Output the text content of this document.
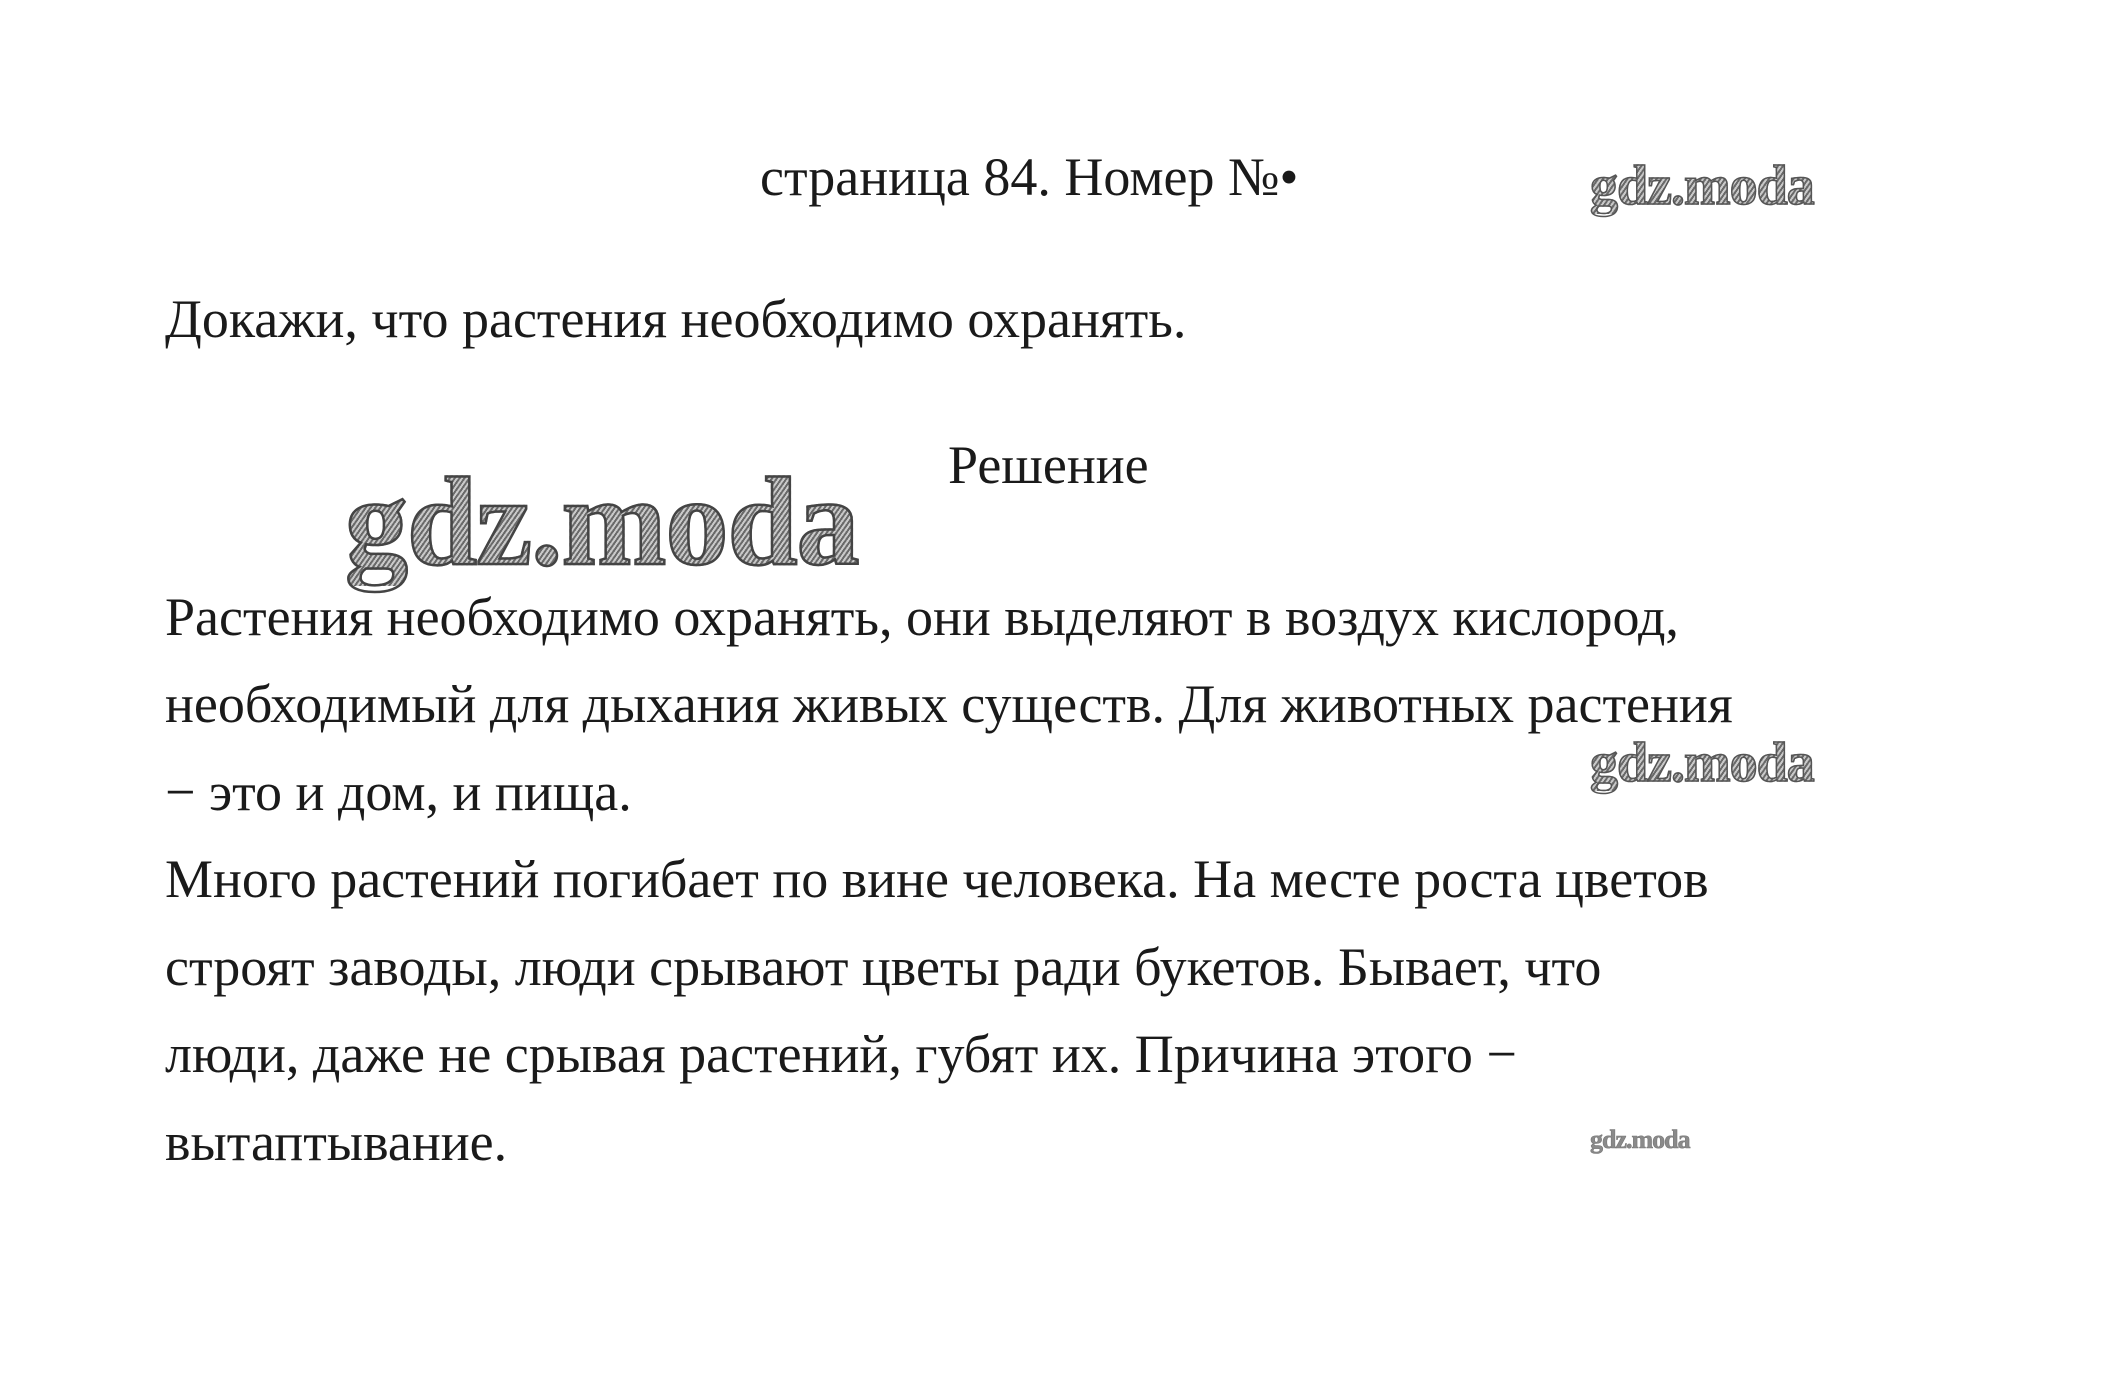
страница 84. Номер №•
Докажи, что растения необходимо охранять.
Решение
Растения необходимо охранять, они выделяют в воздух кислород,
необходимый для дыхания живых существ. Для животных растения
− это и дом, и пища.
Много растений погибает по вине человека. На месте роста цветов
строят заводы, люди срывают цветы ради букетов. Бывает, что
люди, даже не срывая растений, губят их. Причина этого −
вытаптывание.
gdz.moda
gdz.moda
gdz.moda
gdz.moda
